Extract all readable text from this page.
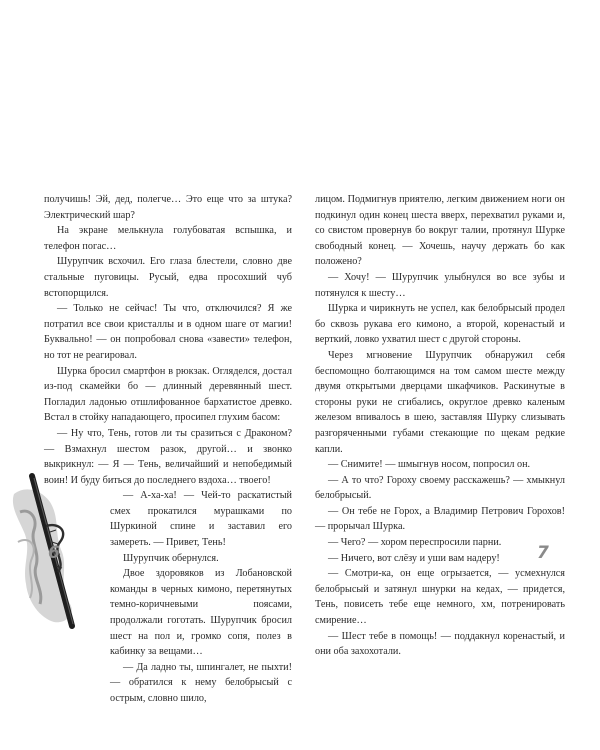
получишь! Эй, дед, полегче… Это еще что за штука? Электрический шар?

На экране мелькнула голубоватая вспышка, и телефон погас…

Шурупчик всхочил. Его глаза блестели, словно две стальные пуговицы. Русый, едва просохший чуб встопорщился.

— Только не сейчас! Ты что, отключился? Я же потратил все свои кристаллы и в одном шаге от магии! Буквально! — он попробовал снова «завести» телефон, но тот не реагировал.

Шурка бросил смартфон в рюкзак. Огляделся, достал из-под скамейки бо — длинный деревянный шест. Погладил ладонью отшлифованное бархатистое древко. Встал в стойку нападающего, просипел глухим басом:

— Ну что, Тень, готов ли ты сразиться с Драконом? — Взмахнул шестом разок, другой… и звонко выкрикнул: — Я — Тень, величайший и непобедимый воин! И буду биться до последнего вздоха… твоего!

— А-ха-ха! — Чей-то раскатистый смех прокатился мурашками по Шуркиной спине и заставил его замереть. — Привет, Тень!

Шурупчик обернулся.

Двое здоровяков из Лобановской команды в черных кимоно, перетянутых темно-коричневыми поясами, продолжали гоготать. Шурупчик бросил шест на пол и, громко сопя, полез в кабинку за вещами…

— Да ладно ты, шпингалет, не пыхти! — обратился к нему белобрысый с острым, словно шило,

лицом. Подмигнув приятелю, легким движением ноги он подкинул один конец шеста вверх, перехватил руками и, со свистом провернув бо вокруг талии, протянул Шурке свободный конец. — Хочешь, научу держать бо как положено?

— Хочу! — Шурупчик улыбнулся во все зубы и потянулся к шесту…

Шурка и чирикнуть не успел, как белобрысый продел бо сквозь рукава его кимоно, а второй, коренастый и верткий, ловко ухватил шест с другой стороны.

Через мгновение Шурупчик обнаружил себя беспомощно болтающимся на том самом шесте между двумя открытыми дверцами шкафчиков. Раскинутые в стороны руки не сгибались, округлое древко каленым железом впивалось в шею, заставляя Шурку слизывать разгоряченными губами стекающие по щекам редкие капли.

— Снимите! — шмыгнув носом, попросил он.

— А то что? Гороху своему расскажешь? — хмыкнул белобрысый.

— Он тебе не Горох, а Владимир Петрович Горохов! — прорычал Шурка.

— Чего? — хором переспросили парни.

— Ничего, вот слёзу и уши вам надеру!

— Смотри-ка, он еще огрызается, — усмехнулся белобрысый и затянул шнурки на кедах, — придется, Тень, повисеть тебе еще немного, хм, потренировать смирение…

— Шест тебе в помощь! — поддакнул коренастый, и они оба захохотали.

6	7
